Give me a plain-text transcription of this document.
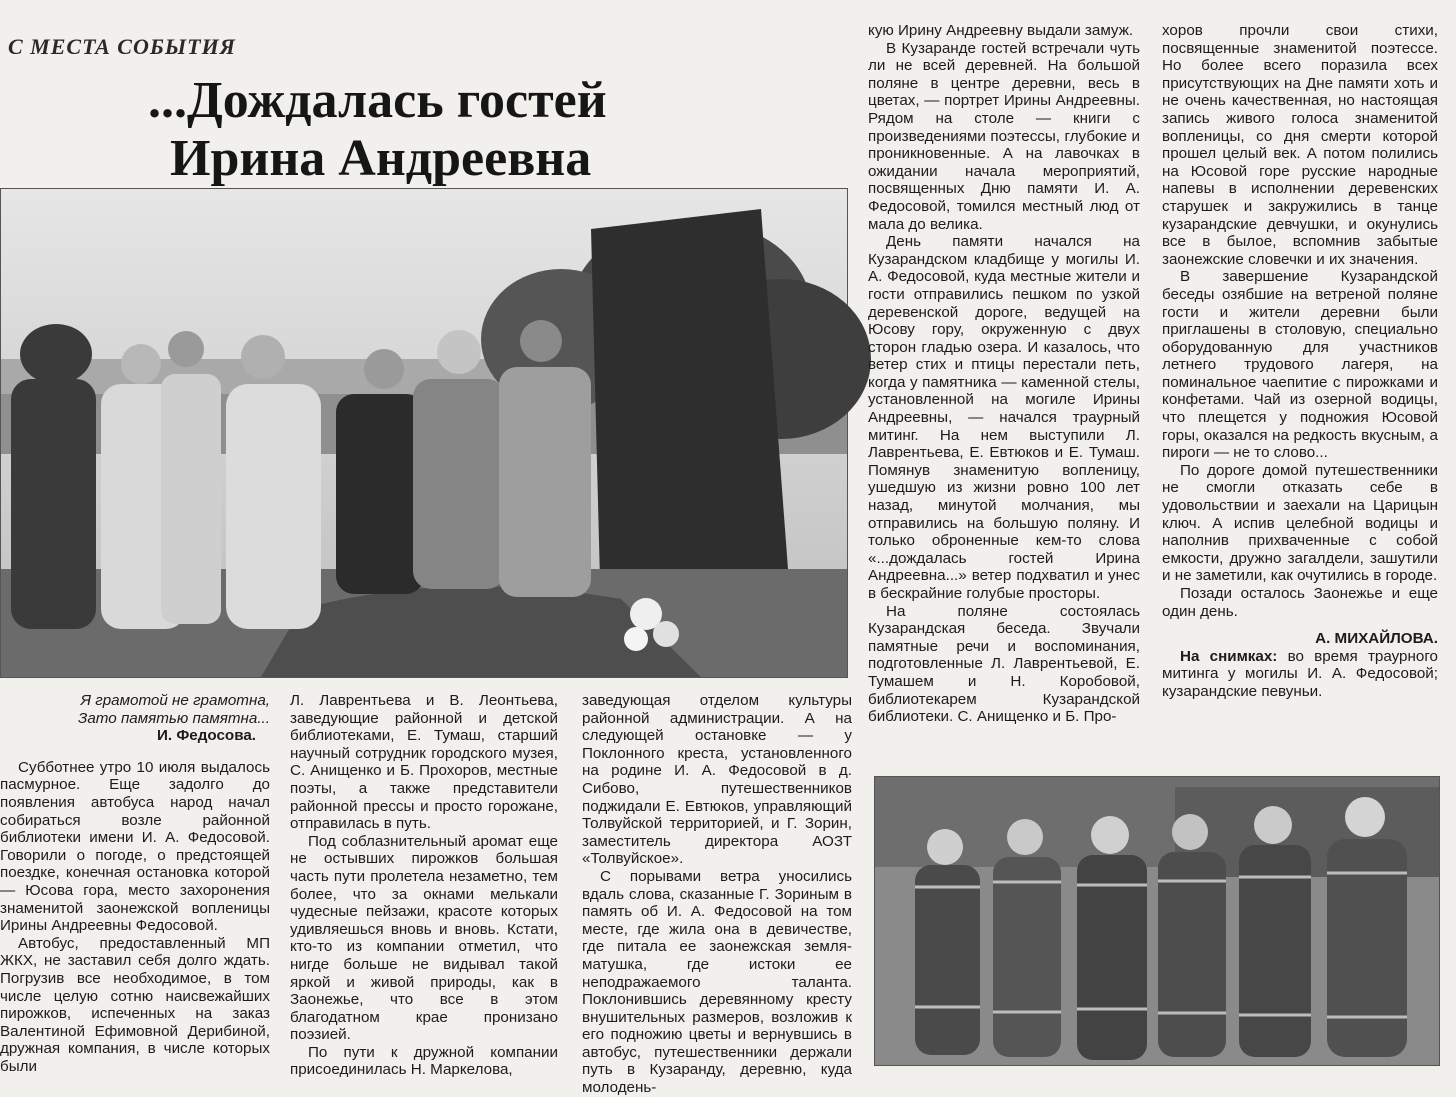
С МЕСТА СОБЫТИЯ
...Дождалась гостей
Ирина Андреевна

Я грамотой не грамотна,

Зато памятью памятна...

И. Федосова.

Субботнее утро 10 июля выдалось пасмурное. Еще задолго до появления автобуса народ начал собираться возле районной библиотеки имени И. А. Федосовой. Говорили о погоде, о предстоящей поездке, конечная остановка которой — Юсова гора, место захоронения знаменитой заонежской вопленицы Ирины Андреевны Федосовой.

Автобус, предоставленный МП ЖКХ, не заставил себя долго ждать. Погрузив все необходимое, в том числе целую сотню наисвежайших пирожков, испеченных на заказ Валентиной Ефимовной Дерибиной, дружная компания, в числе которых были

Л. Лаврентьева и В. Леонтьева, заведующие районной и детской библиотеками, Е. Тумаш, старший научный сотрудник городского музея, С. Анищенко и Б. Прохоров, местные поэты, а также представители районной прессы и просто горожане, отправилась в путь.

Под соблазнительный аромат еще не остывших пирожков большая часть пути пролетела незаметно, тем более, что за окнами мелькали чудесные пейзажи, красоте которых удивляешься вновь и вновь. Кстати, кто-то из компании отметил, что нигде больше не видывал такой яркой и живой природы, как в Заонежье, что все в этом благодатном крае пронизано поэзией.

По пути к дружной компании присоединилась Н. Маркелова,

заведующая отделом культуры районной администрации. А на следующей остановке — у Поклонного креста, установленного на родине И. А. Федосовой в д. Сибово, путешественников поджидали Е. Евтюков, управляющий Толвуйской территорией, и Г. Зорин, заместитель директора АОЗТ «Толвуйское».

С порывами ветра уносились вдаль слова, сказанные Г. Зориным в память об И. А. Федосовой на том месте, где жила она в девичестве, где питала ее заонежская земля-матушка, где истоки ее неподражаемого таланта. Поклонившись деревянному кресту внушительных размеров, возложив к его подножию цветы и вернувшись в автобус, путешественники держали путь в Кузаранду, деревню, куда молодень-

кую Ирину Андреевну выдали замуж.

В Кузаранде гостей встречали чуть ли не всей деревней. На большой поляне в центре деревни, весь в цветах, — портрет Ирины Андреевны. Рядом на столе — книги с произведениями поэтессы, глубокие и проникновенные. А на лавочках в ожидании начала мероприятий, посвященных Дню памяти И. А. Федосовой, томился местный люд от мала до велика.

День памяти начался на Кузарандском кладбище у могилы И. А. Федосовой, куда местные жители и гости отправились пешком по узкой деревенской дороге, ведущей на Юсову гору, окруженную с двух сторон гладью озера. И казалось, что ветер стих и птицы перестали петь, когда у памятника — каменной стелы, установленной на могиле Ирины Андреевны, — начался траурный митинг. На нем выступили Л. Лаврентьева, Е. Евтюков и Е. Тумаш. Помянув знаменитую вопленицу, ушедшую из жизни ровно 100 лет назад, минутой молчания, мы отправились на большую поляну. И только оброненные кем-то слова «...дождалась гостей Ирина Андреевна...» ветер подхватил и унес в бескрайние голубые просторы.

На поляне состоялась Кузарандская беседа. Звучали памятные речи и воспоминания, подготовленные Л. Лаврентьевой, Е. Тумашем и Н. Коробовой, библиотекарем Кузарандской библиотеки. С. Анищенко и Б. Про-

хоров прочли свои стихи, посвященные знаменитой поэтессе. Но более всего поразила всех присутствующих на Дне памяти хоть и не очень качественная, но настоящая запись живого голоса знаменитой вопленицы, со дня смерти которой прошел целый век. А потом полились на Юсовой горе русские народные напевы в исполнении деревенских старушек и закружились в танце кузарандские девчушки, и окунулись все в былое, вспомнив забытые заонежские словечки и их значения.

В завершение Кузарандской беседы озябшие на ветреной поляне гости и жители деревни были приглашены в столовую, специально оборудованную для участников летнего трудового лагеря, на поминальное чаепитие с пирожками и конфетами. Чай из озерной водицы, что плещется у подножия Юсовой горы, оказался на редкость вкусным, а пироги — не то слово...

По дороге домой путешественники не смогли отказать себе в удовольствии и заехали на Царицын ключ. А испив целебной водицы и наполнив прихваченные с собой емкости, дружно загалдели, зашутили и не заметили, как очутились в городе.

Позади осталось Заонежье и еще один день.

А. МИХАЙЛОВА.

На снимках: во время траурного митинга у могилы И. А. Федосовой; кузарандские певуньи.
